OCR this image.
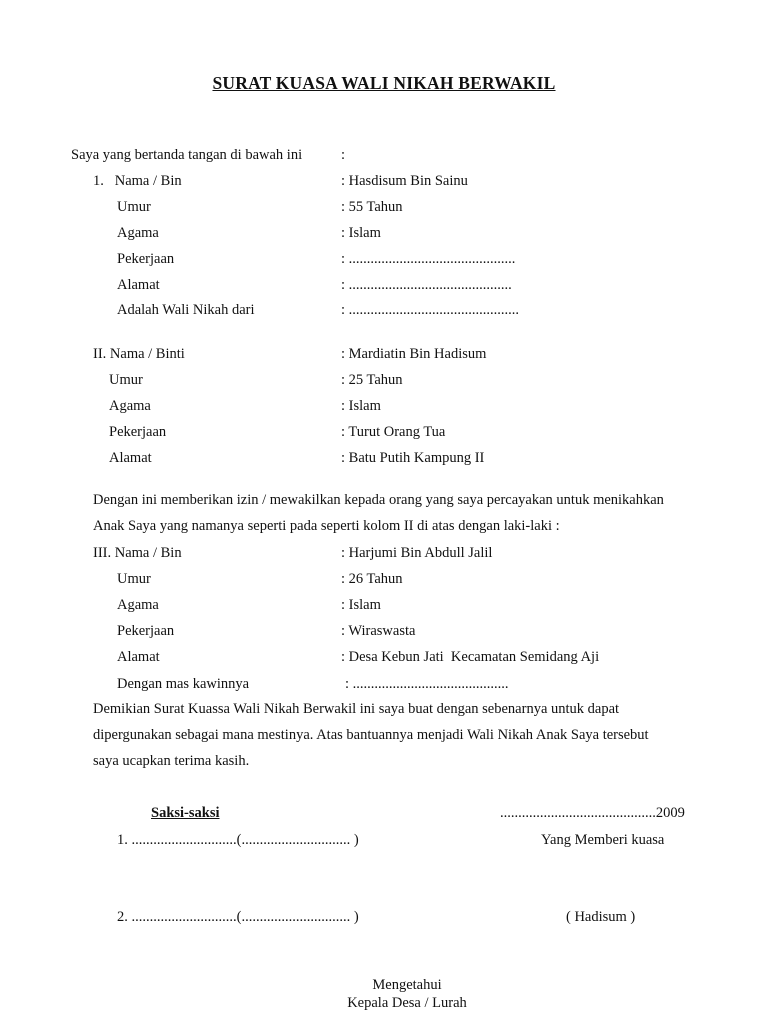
SURAT KUASA WALI NIKAH BERWAKIL
Saya yang bertanda tangan di bawah ini	:
1.   Nama / Bin	: Hasdisum Bin Sainu
Umur	: 55 Tahun
Agama	: Islam
Pekerjaan	: ..............................................
Alamat	: .............................................
Adalah Wali Nikah dari	: ...............................................
II. Nama / Binti	: Mardiatin Bin Hadisum
Umur	: 25 Tahun
Agama	: Islam
Pekerjaan	: Turut Orang Tua
Alamat	: Batu Putih Kampung II
Dengan ini memberikan izin / mewakilkan kepada orang yang saya percayakan untuk menikahkan
Anak Saya yang namanya seperti pada seperti kolom II di atas dengan laki-laki :
III. Nama / Bin	: Harjumi Bin Abdull Jalil
Umur	: 26 Tahun
Agama	: Islam
Pekerjaan	: Wiraswasta
Alamat	: Desa Kebun Jati  Kecamatan Semidang Aji
Dengan mas kawinnya	: ...........................................
Demikian Surat Kuassa Wali Nikah Berwakil ini saya buat dengan sebenarnya untuk dapat
dipergunakan sebagai mana mestinya. Atas bantuannya menjadi Wali Nikah Anak Saya tersebut
saya ucapkan terima kasih.
Saksi-saksi	...........................................2009
1. .............................(.............................. )	Yang Memberi kuasa
2. .............................(.............................. )	( Hadisum )
Mengetahui
Kepala Desa / Lurah
